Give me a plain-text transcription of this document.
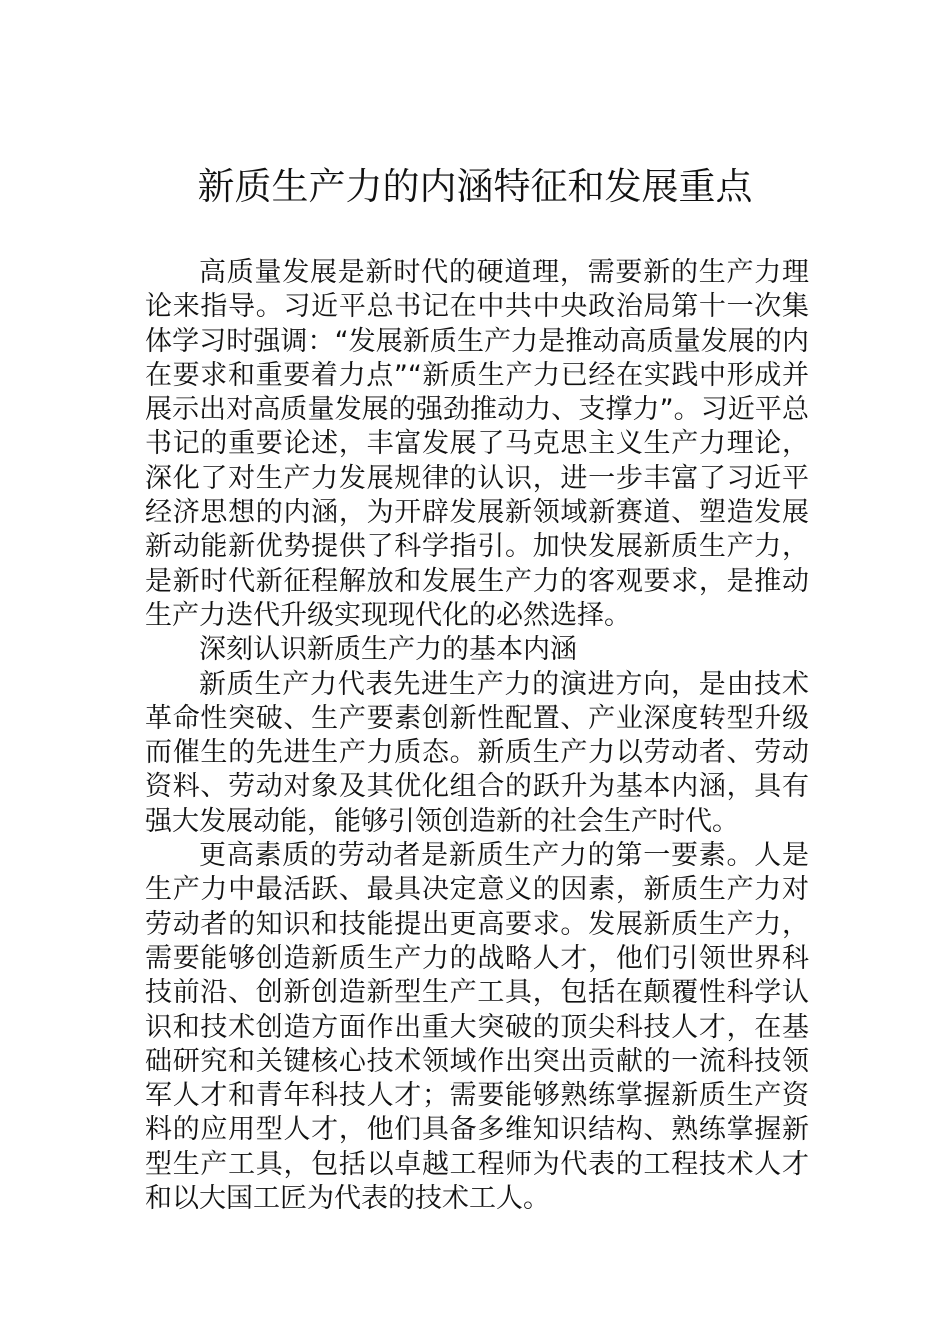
新质生产力的内涵特征和发展重点

高质量发展是新时代的硬道理，需要新的生产力理论来指导。习近平总书记在中共中央政治局第十一次集体学习时强调：“发展新质生产力是推动高质量发展的内在要求和重要着力点”“新质生产力已经在实践中形成并展示出对高质量发展的强劲推动力、支撑力”。习近平总书记的重要论述，丰富发展了马克思主义生产力理论，深化了对生产力发展规律的认识，进一步丰富了习近平经济思想的内涵，为开辟发展新领域新赛道、塑造发展新动能新优势提供了科学指引。加快发展新质生产力，是新时代新征程解放和发展生产力的客观要求，是推动生产力迭代升级实现现代化的必然选择。

深刻认识新质生产力的基本内涵

新质生产力代表先进生产力的演进方向，是由技术革命性突破、生产要素创新性配置、产业深度转型升级而催生的先进生产力质态。新质生产力以劳动者、劳动资料、劳动对象及其优化组合的跃升为基本内涵，具有强大发展动能，能够引领创造新的社会生产时代。

更高素质的劳动者是新质生产力的第一要素。人是生产力中最活跃、最具决定意义的因素，新质生产力对劳动者的知识和技能提出更高要求。发展新质生产力，需要能够创造新质生产力的战略人才，他们引领世界科技前沿、创新创造新型生产工具，包括在颠覆性科学认识和技术创造方面作出重大突破的顶尖科技人才，在基础研究和关键核心技术领域作出突出贡献的一流科技领军人才和青年科技人才；需要能够熟练掌握新质生产资料的应用型人才，他们具备多维知识结构、熟练掌握新型生产工具，包括以卓越工程师为代表的工程技术人才和以大国工匠为代表的技术工人。
